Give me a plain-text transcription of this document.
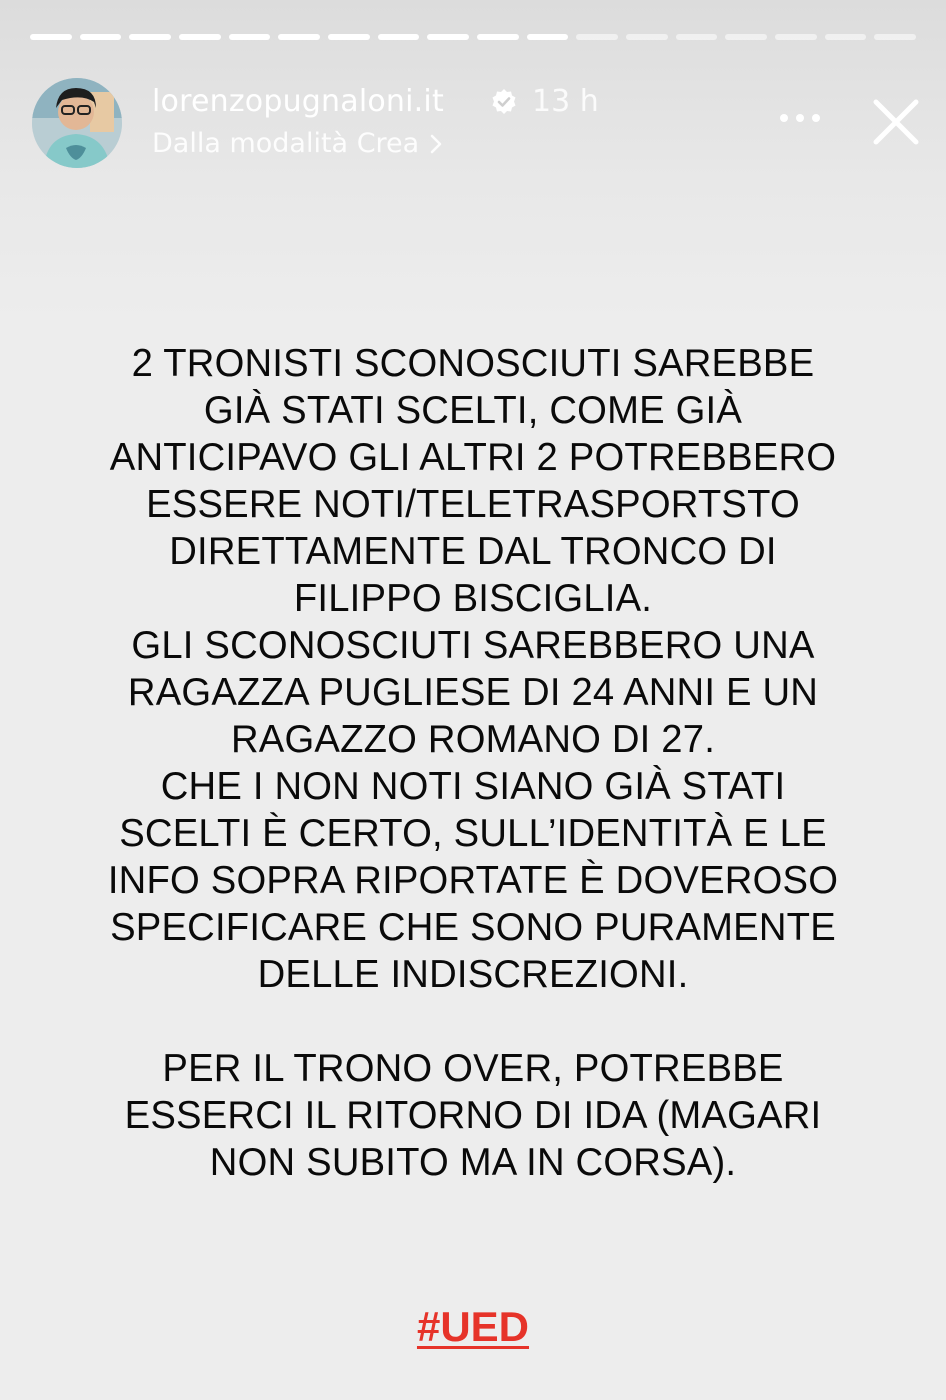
lorenzopugnaloni.it	13 h
Dalla modalità Crea

2 TRONISTI SCONOSCIUTI SAREBBE

GIÀ STATI SCELTI, COME GIÀ

ANTICIPAVO GLI ALTRI 2 POTREBBERO

ESSERE NOTI/TELETRASPORTSTO

DIRETTAMENTE DAL TRONCO DI

FILIPPO BISCIGLIA.

GLI SCONOSCIUTI SAREBBERO UNA

RAGAZZA PUGLIESE DI 24 ANNI E UN

RAGAZZO ROMANO DI 27.

CHE I NON NOTI SIANO GIÀ STATI

SCELTI È CERTO, SULL’IDENTITÀ E LE

INFO SOPRA RIPORTATE È DOVEROSO

SPECIFICARE CHE SONO PURAMENTE

DELLE INDISCREZIONI.

PER IL TRONO OVER, POTREBBE

ESSERCI IL RITORNO DI IDA (MAGARI

NON SUBITO MA IN CORSA).

#UED
